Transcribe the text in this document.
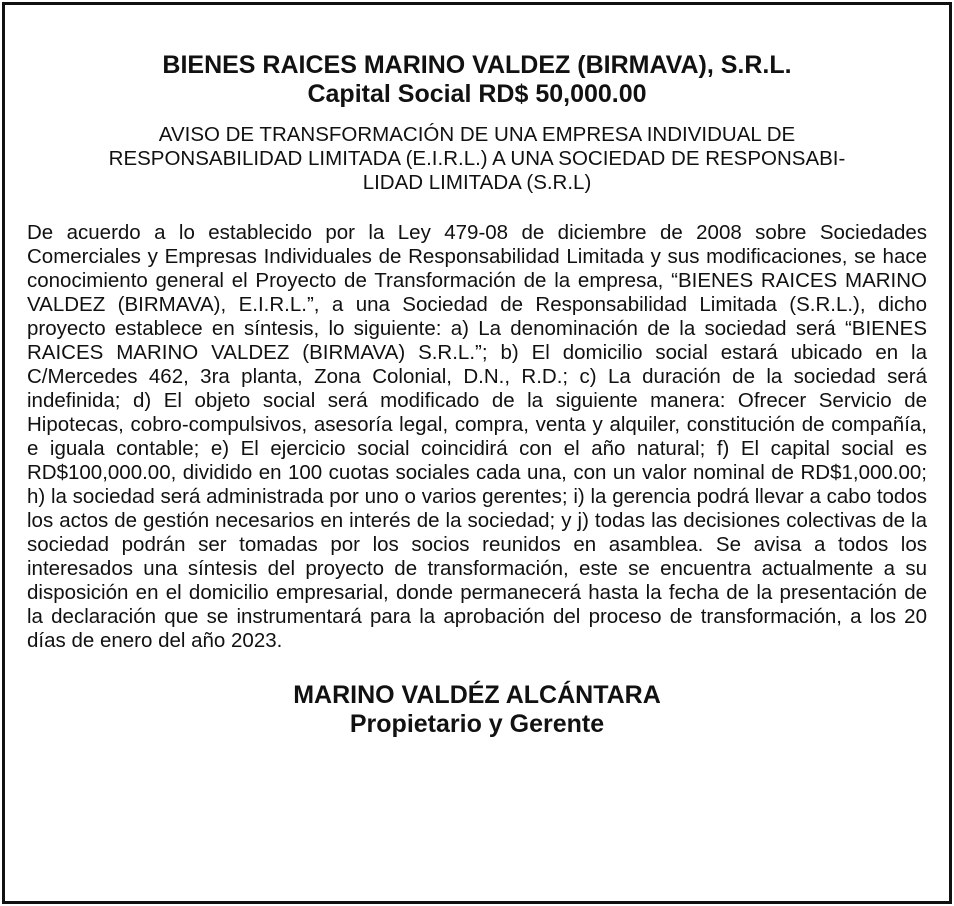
BIENES RAICES MARINO VALDEZ (BIRMAVA), S.R.L.
Capital Social RD$ 50,000.00

AVISO DE TRANSFORMACIÓN DE UNA EMPRESA INDIVIDUAL DE
RESPONSABILIDAD LIMITADA (E.I.R.L.) A UNA SOCIEDAD DE RESPONSABI-
LIDAD LIMITADA (S.R.L)

De acuerdo a lo establecido por la Ley 479-08 de diciembre de 2008 sobre Sociedades Comerciales y Empresas Individuales de Responsabilidad Limitada y sus modificaciones, se hace conocimiento general el Proyecto de Transformación de la empresa, “BIENES RAICES MARINO VALDEZ (BIRMAVA), E.I.R.L.”, a una Sociedad de Responsabilidad Limitada (S.R.L.), dicho proyecto establece en síntesis, lo siguiente: a) La denominación de la sociedad será “BIENES RAICES MARINO VALDEZ (BIRMAVA) S.R.L.”; b) El domicilio social estará ubicado en la C/Mercedes 462, 3ra planta, Zona Colonial, D.N., R.D.; c) La duración de la sociedad será indefinida; d) El objeto social será modificado de la siguiente manera: Ofrecer Servicio de Hipotecas, cobro-compulsivos, asesoría legal, compra, venta y alquiler, constitución de compañía, e iguala contable; e) El ejercicio social coincidirá con el año natural; f) El capital social es RD$100,000.00, dividido en 100 cuotas sociales cada una, con un valor nominal de RD$1,000.00; h) la sociedad será administrada por uno o varios gerentes; i) la gerencia podrá llevar a cabo todos los actos de gestión necesarios en interés de la sociedad; y j) todas las decisiones colectivas de la sociedad podrán ser tomadas por los socios reunidos en asamblea. Se avisa a todos los interesados una síntesis del proyecto de transformación, este se encuentra actualmente a su disposición en el domicilio empresarial, donde permanecerá hasta la fecha de la presentación de la declaración que se instrumentará para la aprobación del proceso de transformación, a los 20 días de enero del año 2023.

MARINO VALDÉZ ALCÁNTARA

Propietario y Gerente
